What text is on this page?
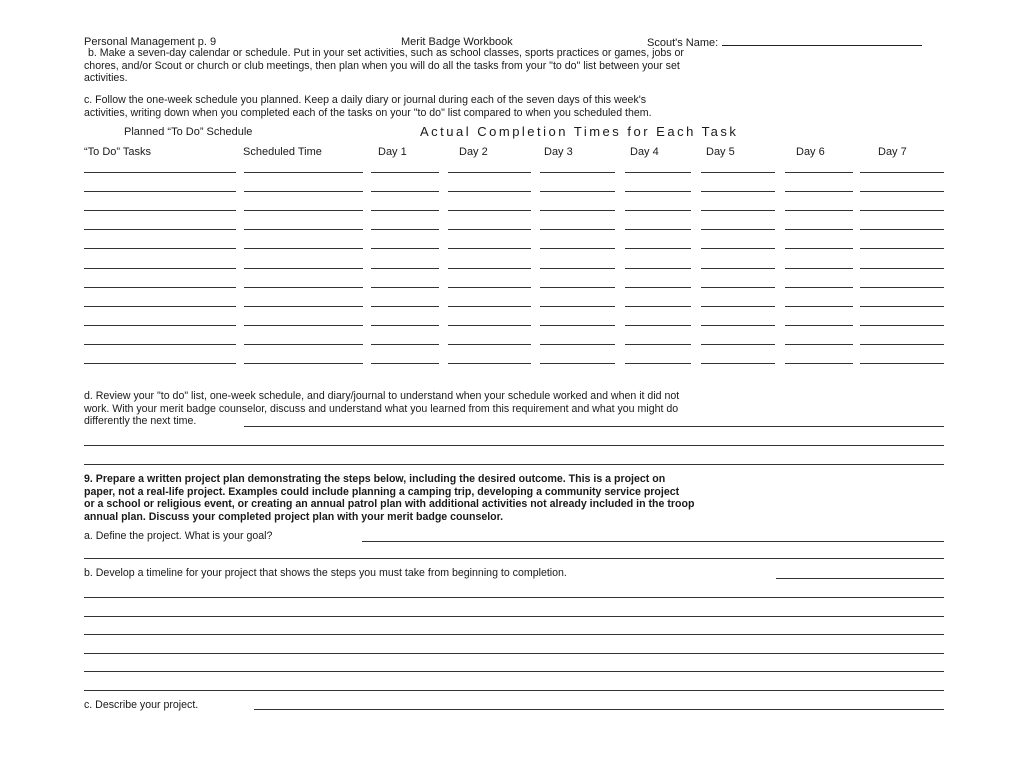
Personal Management p. 9	Merit Badge Workbook	Scout's Name:
b. Make a seven-day calendar or schedule. Put in your set activities, such as school classes, sports practices or games, jobs or
chores, and/or Scout or church or club meetings, then plan when you will do all the tasks from your "to do" list between your set
activities.
c. Follow the one-week schedule you planned. Keep a daily diary or journal during each of the seven days of this week's
activities, writing down when you completed each of the tasks on your "to do" list compared to when you scheduled them.
Planned “To Do” Schedule	Actual Completion Times for Each Task
“To Do” Tasks	Scheduled Time	Day 1	Day 2	Day 3	Day 4	Day 5	Day 6	Day 7
d. Review your "to do" list, one-week schedule, and diary/journal to understand when your schedule worked and when it did not
work. With your merit badge counselor, discuss and understand what you learned from this requirement and what you might do
differently the next time.
9. Prepare a written project plan demonstrating the steps below, including the desired outcome. This is a project on
paper, not a real-life project. Examples could include planning a camping trip, developing a community service project
or a school or religious event, or creating an annual patrol plan with additional activities not already included in the troop
annual plan. Discuss your completed project plan with your merit badge counselor.
a. Define the project. What is your goal?
b. Develop a timeline for your project that shows the steps you must take from beginning to completion.
c. Describe your project.
